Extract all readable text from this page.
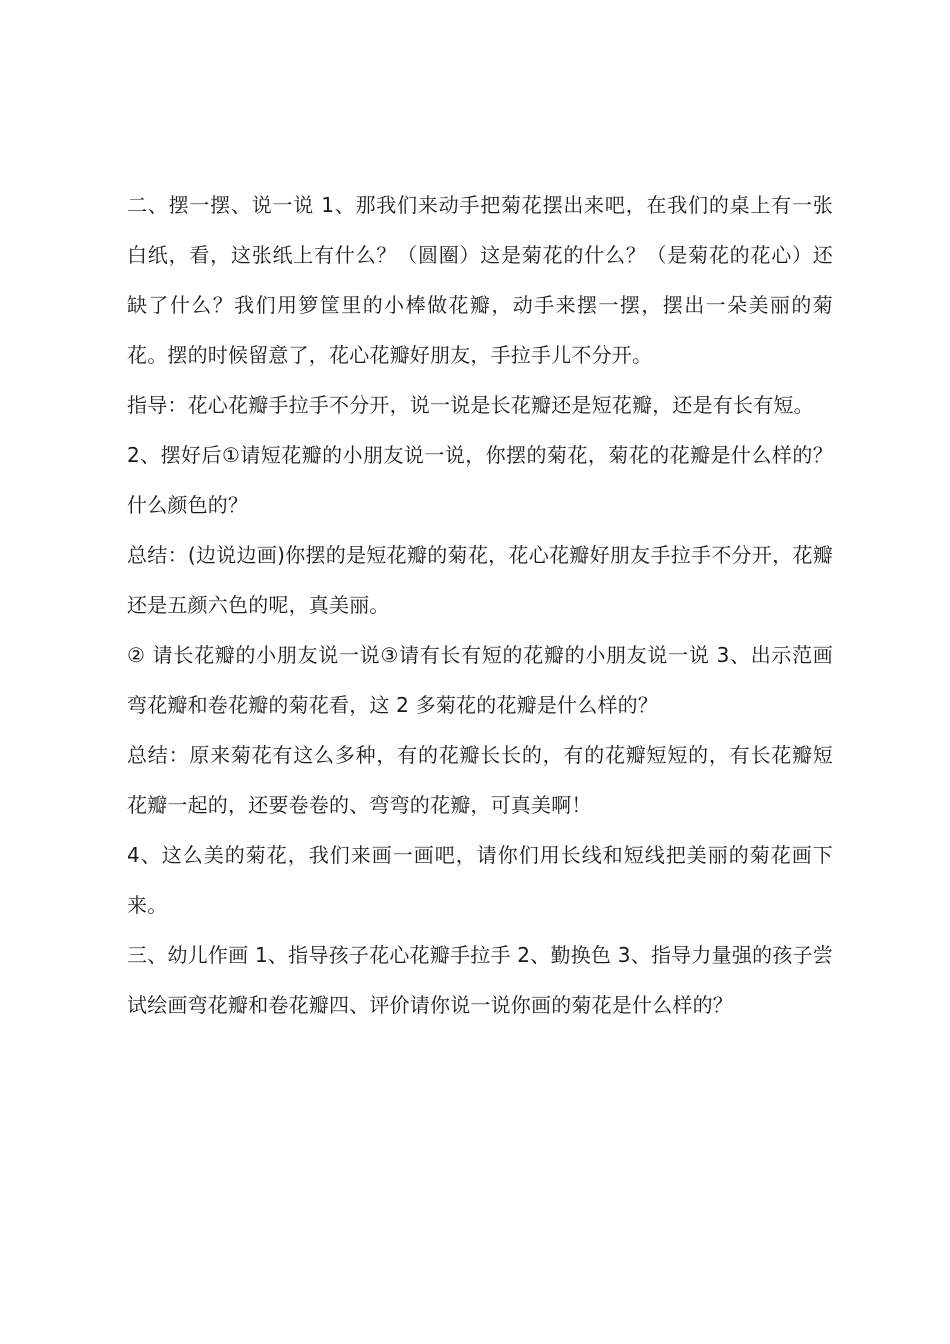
二、摆一摆、说一说 1、那我们来动手把菊花摆出来吧，在我们的桌上有一张白纸，看，这张纸上有什么？（圆圈）这是菊花的什么？（是菊花的花心）还缺了什么？我们用箩筐里的小棒做花瓣，动手来摆一摆，摆出一朵美丽的菊花。摆的时候留意了，花心花瓣好朋友，手拉手儿不分开。

指导：花心花瓣手拉手不分开，说一说是长花瓣还是短花瓣，还是有长有短。

2、摆好后①请短花瓣的小朋友说一说，你摆的菊花，菊花的花瓣是什么样的？什么颜色的？

总结：(边说边画)你摆的是短花瓣的菊花，花心花瓣好朋友手拉手不分开，花瓣还是五颜六色的呢，真美丽。

② 请长花瓣的小朋友说一说③请有长有短的花瓣的小朋友说一说 3、出示范画弯花瓣和卷花瓣的菊花看，这 2 多菊花的花瓣是什么样的？

总结：原来菊花有这么多种，有的花瓣长长的，有的花瓣短短的，有长花瓣短花瓣一起的，还要卷卷的、弯弯的花瓣，可真美啊！

4、这么美的菊花，我们来画一画吧，请你们用长线和短线把美丽的菊花画下来。

三、幼儿作画 1、指导孩子花心花瓣手拉手 2、勤换色 3、指导力量强的孩子尝试绘画弯花瓣和卷花瓣四、评价请你说一说你画的菊花是什么样的？
